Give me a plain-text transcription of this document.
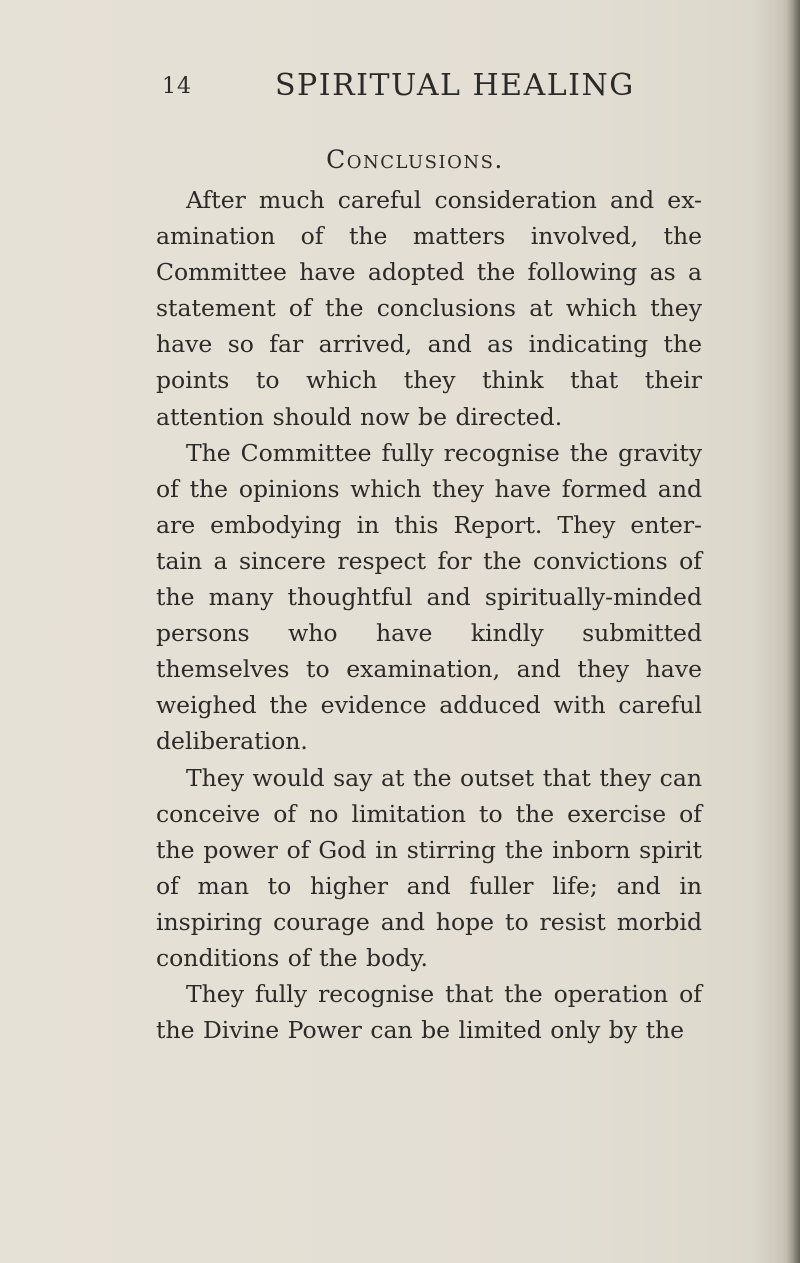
14	SPIRITUAL HEALING
Conclusions.

After much careful consideration and ex-amination of the matters involved, the Committee have adopted the following as a statement of the conclusions at which they have so far arrived, and as indicating the points to which they think that their attention should now be directed.

The Committee fully recognise the gravity of the opinions which they have formed and are embodying in this Report. They enter-tain a sincere respect for the convictions of the many thoughtful and spiritually-minded persons who have kindly submitted themselves to examination, and they have weighed the evidence adduced with careful deliberation.

They would say at the outset that they can conceive of no limitation to the exercise of the power of God in stirring the inborn spirit of man to higher and fuller life; and in inspiring courage and hope to resist morbid conditions of the body.

They fully recognise that the operation of the Divine Power can be limited only by the
